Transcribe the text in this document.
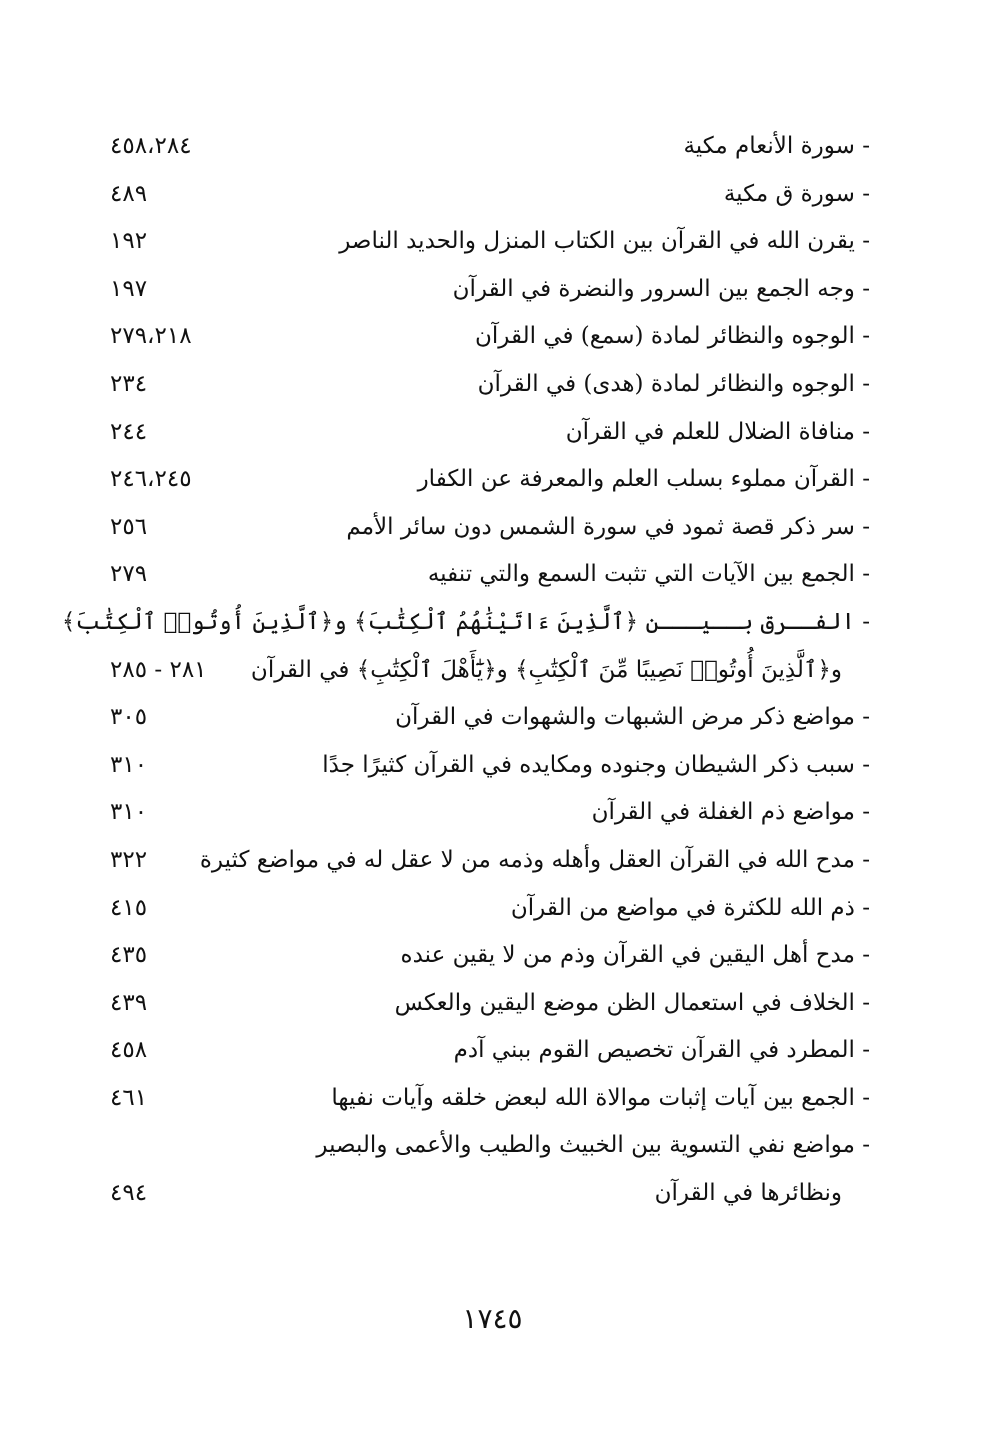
- سورة الأنعام مكية
٤٥٨،٢٨٤
- سورة ق مكية
٤٨٩
- يقرن الله في القرآن بين الكتاب المنزل والحديد الناصر
١٩٢
- وجه الجمع بين السرور والنضرة في القرآن
١٩٧
- الوجوه والنظائر لمادة (سمع) في القرآن
٢٧٩،٢١٨
- الوجوه والنظائر لمادة (هدى) في القرآن
٢٣٤
- منافاة الضلال للعلم في القرآن
٢٤٤
- القرآن مملوء بسلب العلم والمعرفة عن الكفار
٢٤٦،٢٤٥
- سر ذكر قصة ثمود في سورة الشمس دون سائر الأمم
٢٥٦
- الجمع بين الآيات التي تثبت السمع والتي تنفيه
٢٧٩
- الفــرق بــيـــن ﴿ٱلَّذِينَ ءَاتَيْنَٰهُمُ ٱلْكِتَٰبَ﴾ و﴿ٱلَّذِينَ أُوتُوا۟ ٱلْكِتَٰبَ﴾
و﴿ٱلَّذِينَ أُوتُوا۟ نَصِيبًا مِّنَ ٱلْكِتَٰبِ﴾ و﴿يَٰٓأَهْلَ ٱلْكِتَٰبِ﴾ في القرآن
٢٨١ - ٢٨٥
- مواضع ذكر مرض الشبهات والشهوات في القرآن
٣٠٥
- سبب ذكر الشيطان وجنوده ومكايده في القرآن كثيرًا جدًا
٣١٠
- مواضع ذم الغفلة في القرآن
٣١٠
- مدح الله في القرآن العقل وأهله وذمه من لا عقل له في مواضع كثيرة
٣٢٢
- ذم الله للكثرة في مواضع من القرآن
٤١٥
- مدح أهل اليقين في القرآن وذم من لا يقين عنده
٤٣٥
- الخلاف في استعمال الظن موضع اليقين والعكس
٤٣٩
- المطرد في القرآن تخصيص القوم ببني آدم
٤٥٨
- الجمع بين آيات إثبات موالاة الله لبعض خلقه وآيات نفيها
٤٦١
- مواضع نفي التسوية بين الخبيث والطيب والأعمى والبصير
ونظائرها في القرآن
٤٩٤
١٧٤٥
